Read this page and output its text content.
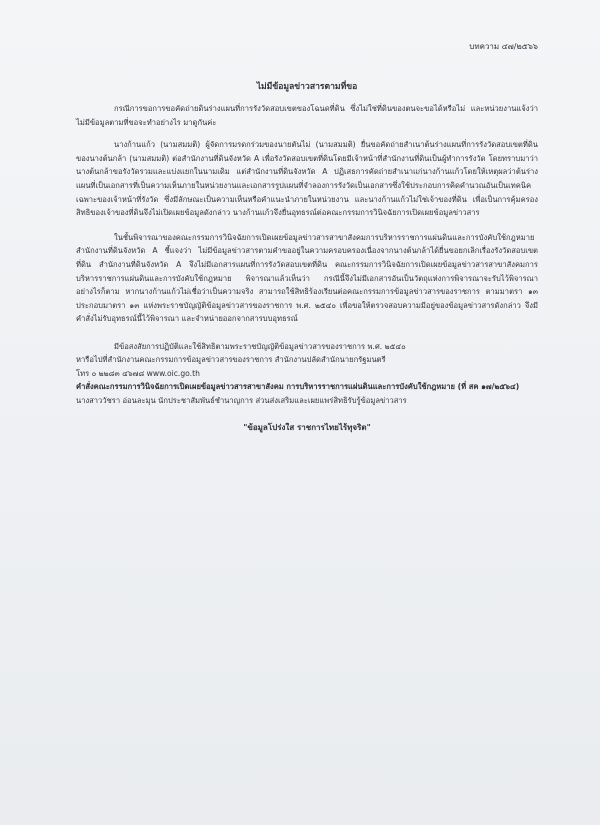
บทความ ๔๗/๒๕๖๖
ไม่มีข้อมูลข่าวสารตามที่ขอ

กรณีการขอการขอคัดถ่ายดินร่างแผนที่การรังวัดสอบเขตของโฉนดที่ดิน ซึ่งไม่ใช่ที่ดินของตนจะขอได้หรือไม่ และหน่วยงานแจ้งว่าไม่มีข้อมูลตามที่ขอจะทำอย่างไร มาดูกันค่ะ

นางก้านแก้ว (นามสมมติ) ผู้จัดการมรดกร่วมของนายตันไม่ (นามสมมติ) ยื่นขอคัดถ่ายสำเนาต้นร่างแผนที่การรังวัดสอบเขตที่ดินของนางต้นกล้า (นามสมมติ) ต่อสำนักงานที่ดินจังหวัด A เพื่อรังวัดสอบเขตที่ดินโดยมีเจ้าหน้าที่สำนักงานที่ดินเป็นผู้ทำการรังวัด โดยทราบมาว่า นางต้นกล้าขอรังวัดรวมและแบ่งแยกในนามเดิม แต่สำนักงานที่ดินจังหวัด A ปฏิเสธการคัดถ่ายสำเนาแก่นางก้านแก้วโดยให้เหตุผลว่าต้นร่างแผนที่เป็นเอกสารที่เป็นความเห็นภายในหน่วยงานและเอกสารรูปแผนที่จำลองการรังวัดเป็นเอกสารซึ่งใช้ประกอบการคิดคำนวณอันเป็นเทคนิคเฉพาะของเจ้าหน้าที่รังวัด ซึ่งมีลักษณะเป็นความเห็นหรือคำแนะนำภายในหน่วยงาน และนางก้านแก้วไม่ใช่เจ้าของที่ดิน เพื่อเป็นการคุ้มครองสิทธิของเจ้าของที่ดินจึงไม่เปิดเผยข้อมูลดังกล่าว นางก้านแก้วจึงยื่นอุทธรณ์ต่อคณะกรรมการวินิจฉัยการเปิดเผยข้อมูลข่าวสาร

ในชั้นพิจารณาของคณะกรรมการวินิจฉัยการเปิดเผยข้อมูลข่าวสารสาขาสังคมการบริหารราชการแผ่นดินและการบังคับใช้กฎหมาย สำนักงานที่ดินจังหวัด A ชี้แจงว่า ไม่มีข้อมูลข่าวสารตามคำขออยู่ในความครอบครองเนื่องจากนางต้นกล้าได้ยื่นขอยกเลิกเรื่องรังวัดสอบเขตที่ดิน สำนักงานที่ดินจังหวัด A จึงไม่มีเอกสารแผนที่การรังวัดสอบเขตที่ดิน คณะกรรมการวินิจฉัยการเปิดเผยข้อมูลข่าวสารสาขาสังคมการบริหารราชการแผ่นดินและการบังคับใช้กฎหมาย พิจารณาแล้วเห็นว่า กรณีนี้จึงไม่มีเอกสารอันเป็นวัตถุแห่งการพิจารณาจะรับไว้พิจารณา อย่างไรก็ตาม หากนางก้านแก้วไม่เชื่อว่าเป็นความจริง สามารถใช้สิทธิร้องเรียนต่อคณะกรรมการข้อมูลข่าวสารของราชการ ตามมาตรา ๑๓ ประกอบมาตรา ๑๓ แห่งพระราชบัญญัติข้อมูลข่าวสารของราชการ พ.ศ. ๒๕๔๐ เพื่อขอให้ตรวจสอบความมีอยู่ของข้อมูลข่าวสารดังกล่าว จึงมีคำสั่งไม่รับอุทธรณ์นี้ไว้พิจารณา และจำหน่ายออกจากสารบบอุทธรณ์

มีข้อสงสัยการปฏิบัติและใช้สิทธิตามพระราชบัญญัติข้อมูลข่าวสารของราชการ พ.ศ. ๒๕๔๐
หารือไปที่สำนักงานคณะกรรมการข้อมูลข่าวสารของราชการ สำนักงานปลัดสำนักนายกรัฐมนตรี
โทร ๐ ๒๒๘๓ ๔๖๗๘ www.oic.go.th
คำสั่งคณะกรรมการวินิจฉัยการเปิดเผยข้อมูลข่าวสารสาขาสังคม การบริหารราชการแผ่นดินและการบังคับใช้กฎหมาย (ที่ สค ๑๗/๒๕๖๔)
นางสาววัชรา อ่อนละมุน นักประชาสัมพันธ์ชำนาญการ ส่วนส่งเสริมและเผยแพร่สิทธิรับรู้ข้อมูลข่าวสาร
"ข้อมูลโปร่งใส ราชการไทยไร้ทุจริต"
